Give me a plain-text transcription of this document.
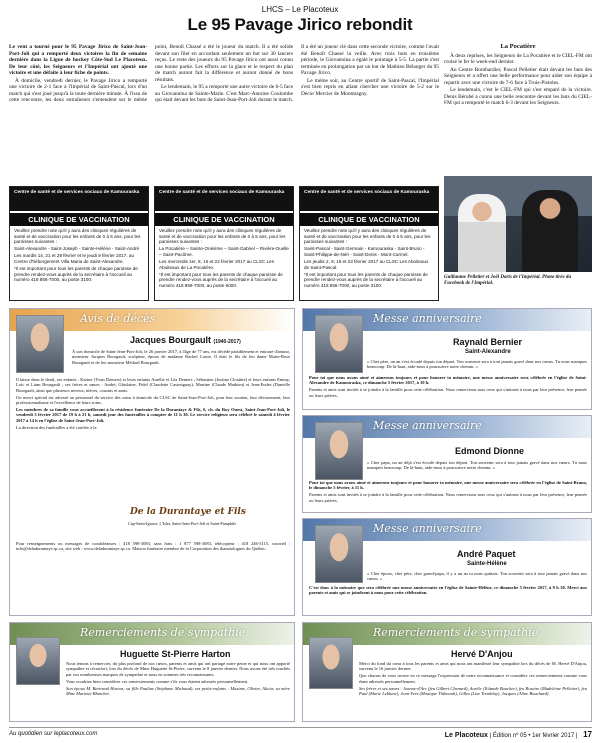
LHCS – Le Placoteux
Le 95 Pavage Jirico rebondit

Le vent a tourné pour le 95 Pavage Jirico de Saint-Jean-Port-Joli qui a remporté deux victoires la fin de semaine dernière dans la Ligue de hockey Côte-Sud Le Placoteux. De leur côté, les Seigneurs et l'Impérial ont ajouté une victoire et une défaite à leur fiche de points.

À domicile, vendredi dernier, le Pavage Jirico a remporté une victoire de 2-1 face à l'Impérial de Saint-Pascal, lors d'un match qui s'est joué jusqu'à la toute dernière minute. À l'issu de cette rencontre, les deux entraîneurs s'entendent sur le même point, Benoît Chassé a été le joueur du match. Il a été solide devant son filet en accordant seulement un but sur 30 lancers reçus. Le reste des joueurs du 95 Pavage Jirico ont aussi connu une bonne partie. Les efforts sur la glace et le respect du plan de match auront fait la différence et auront donné de bons résultats.

Le lendemain, le 95 a remporté une autre victoire de 6-5 face au Giovannina de Sainte-Marie. C'est Marc-Antoine Coulombe qui était devant les buts de Saint-Jean-Port-Joli durant le match. Il a été un joueur clé dans cette seconde victoire, comme l'avait été Benoît Chassé la veille. Avec trois buts en troisième période, le Giovannina a égalé le pointage à 5-5. La partie s'est terminée en prolongation par un but de Mathieu Bélanger du 95 Pavage Jirico.

Le même soir, au Centre sportif de Saint-Pascal, l'Impérial s'est bien repris en allant chercher une victoire de 5-2 sur le Décor Mercier de Montmagny.

La Pocatière

À deux reprises, les Seigneurs de La Pocatière et le CIEL-FM ont croisé le fer le week-end dernier.

Au Centre Bombardier, Pascal Pelletier était devant les buts des Seigneurs et a offert une belle performance pour aider son équipe à repartir avec une victoire de 7-6 face à Trois-Pistoles.

Le lendemain, c'est le CIEL-FM qui s'est emparé de la victoire. Denis Bérubé a connu une belle rencontre devant les buts du CIEL-FM qui a remporté le match 6-3 devant les Seigneurs.

Guillaume Pelletier et Joël Daris de l'Impérial. Photo tirée du Facebook de l'Impérial.
Centre de santé et de services sociaux de Kamouraska
CLINIQUE DE VACCINATION

Veuillez prendre note qu'il y aura des cliniques régulières de santé et de vaccination pour les enfants de 0 à 5 ans, pour les paroisses suivantes :

Saint-Alexandre - Saint-Joseph - Sainte-Hélène - Saint-André

Les mardis 14, 21 et 28 février et le jeudi 9 février 2017, au Centre d'hébergement Villa Maria de Saint-Alexandre.

*Il est important pour tous les parents de chaque paroisse de prendre rendez-vous auprès de la secrétaire à l'accueil au numéro 418 856-7000, au poste 3100.

Centre de santé et de services sociaux de Kamouraska
CLINIQUE DE VACCINATION

Veuillez prendre note qu'il y aura des cliniques régulières de santé et de vaccination pour les enfants de 0 à 5 ans, pour les paroisses suivantes :

La Pocatière – Sainte-Onésime – Saint-Gabriel – Rivière-Ouelle – Saint-Pacôme.

Les mercredis 1er, 8, 15 et 22 février 2017 au CLSC Les Aboiteaux de La Pocatière.

*Il est important pour tous les parents de chaque paroisse de prendre rendez-vous auprès de la secrétaire à l'accueil au numéro 418 856-7000, au poste 6000.

Centre de santé et de services sociaux de Kamouraska
CLINIQUE DE VACCINATION

Veuillez prendre note qu'il y aura des cliniques régulières de santé et de vaccination pour les enfants de 0 à 5 ans, pour les paroisses suivantes :

Saint-Pascal - Saint-Germain - Kamouraska - Saint-Bruno - Saint-Philippe-de-Néri - Saint-Denis - Mont-Carmel.

Les jeudis 2, 9, 16 et 23 février 2017 au CLSC Les Aboiteaux de Saint-Pascal.

*Il est important pour tous les parents de chaque paroisse de prendre rendez-vous auprès de la secrétaire à l'accueil au numéro 418 856-7000, au poste 3100.

Avis de décès
Jacques Bourgault (1940-2017)

À son domicile de Saint-Jean-Port-Joli, le 26 janvier 2017, à l'âge de 77 ans, est décédé paisiblement et entouré d'amour, monsieur Jacques Bourgault, sculpteur, époux de madame Rachel Caron. Il était le fils de feu dame Marie-Rose Bourgault et de feu monsieur Médard Bourgault.

Il laisse dans le deuil, ses enfants : Karine (Yvan Demers) et leurs enfants Aurélie et Léa Demers ; Sébastien (Justine Clouâtre) et leurs enfants Emmy, Loïc et Liam Bourgault ; ses frères et sœurs : André, Ghislaine, Fidel (Claudette Castonguay), Martine (Claude Mathieu) et Jean-Eudes (Danielle Bourgault, ainsi que plusieurs neveux, nièces, cousins et amis.

Un merci spécial est adressé au personnel du service des soins à domicile du CLSC de Saint-Jean-Port-Joli, pour leur soutien, leur dévouement, leur professionnalisme et l'excellence de leurs soins.

Les membres de sa famille vous accueilleront à la résidence funéraire De la Durantaye & Fils, 6, ch. du Roy Ouest, Saint-Jean-Port-Joli, le vendredi 3 février 2017 de 19 h à 21 h, samedi jour des funérailles à compter de 11 h 30. Le service religieux sera célébré le samedi 4 février 2017 à 14 h en l'église de Saint-Jean-Port-Joli.

La direction des funérailles a été confiée à la

De la Durantaye et Fils

Cap-Saint-Ignace, L'Islet, Saint-Jean-Port-Joli et Saint-Pamphile

Pour renseignements ou messages de condoléances : 418 598-3083, sans frais : 1 877 598-3083, télécopieur : 418 246-5115, courriel : info@deladurantaye.qc.ca, site web : www.deladurantaye.qc.ca. Maison funéraire membre de la Corporation des thanatologues du Québec.

Remerciements de sympathie
Huguette St-Pierre Harton

Nous tenons à remercier, du plus profond de nos cœurs, parents et amis qui ont partagé notre peine et qui nous ont apporté sympathie et réconfort, lors du décès de Mme Huguette St-Pierre, survenu le 8 janvier dernier. Nous avons été très touchés par vos nombreuses marques de sympathie et nous en sommes très reconnaissants.

Vous voudriez bien considérer ces remerciements comme s'ils vous étaient adressés personnellement.

Son époux M. Bertrand Harton; sa fille Pauline (Stéphane Michaud), ses petits-enfants : Maxime, Olivier, Alicia; sa mère Mme Mariette Blanchet.

Messe anniversaire
Raynald Bernier
Saint-Alexandre

« Cher père, un an s'est écoulé depuis ton départ. Ton souvenir sera à tout jamais gravé dans nos cœurs. Tu nous manques beaucoup. De là-haut, aide-nous à poursuivre notre chemin. »

Pour toi que nous avons aimé et aimerons toujours et pour honorer ta mémoire, une messe anniversaire sera célébrée en l'église de Saint-Alexandre de Kamouraska, ce dimanche 5 février 2017, à 10 h.

Parents et amis sont invités à se joindre à la famille pour cette célébration. Nous remercions tous ceux qui s'uniront à nous par leur présence, leur pensée ou leurs prières.

Messe anniversaire
Edmond Dionne

« Cher papa, un an déjà s'est écoulé depuis ton départ. Ton souvenir sera à tout jamais gravé dans nos cœurs. Tu nous manques beaucoup. De là-haut, aide-nous à poursuivre notre chemin. »

Pour toi que nous avons aimé et aimerons toujours et pour honorer ta mémoire, une messe anniversaire sera célébrée en l'église de Saint-Bruno, le dimanche 5 février, à 11 h.

Parents et amis sont invités à se joindre à la famille pour cette célébration. Nous remercions tous ceux qui s'uniront à nous par leur présence, leur pensée ou leurs prières.

Messe anniversaire
André Paquet
Sainte-Hélène

« Cher époux, cher père, cher grand-papa, il y a un an tu nous quittais. Ton souvenir sera à tout jamais gravé dans nos cœurs. »

C'est donc à la mémoire que sera célébrée une messe anniversaire en l'église de Sainte-Hélène, ce dimanche 5 février 2017, à 9 h 30. Merci aux parents et amis qui se joindront à nous pour cette célébration.

Remerciements de sympathie
Hervé D'Anjou

Merci du fond du cœur à tous les parents et amis qui nous ont manifesté leur sympathie lors du décès de M. Hervé D'Anjou, survenu le 16 janvier dernier.

Que chacun de vous trouve en ce message l'expression de notre reconnaissance et considère ces remerciements comme vous étant adressés personnellement.

Ses frères et ses sœurs : Jeanne-d'Arc (feu Gilbert Chenard), Aurèle (Yolande Boucher), feu Rosaire (Madeleine Pelletier), feu Paul (Marie Leblanc), Jean-Yves (Monique Thibeault), Gilles (Lise Tremblay), Jacques (Aline Bouchard).

Au quotidien sur leplacoteux.com	Le Placoteux | Édition nº 05 • 1er février 2017 | 17
